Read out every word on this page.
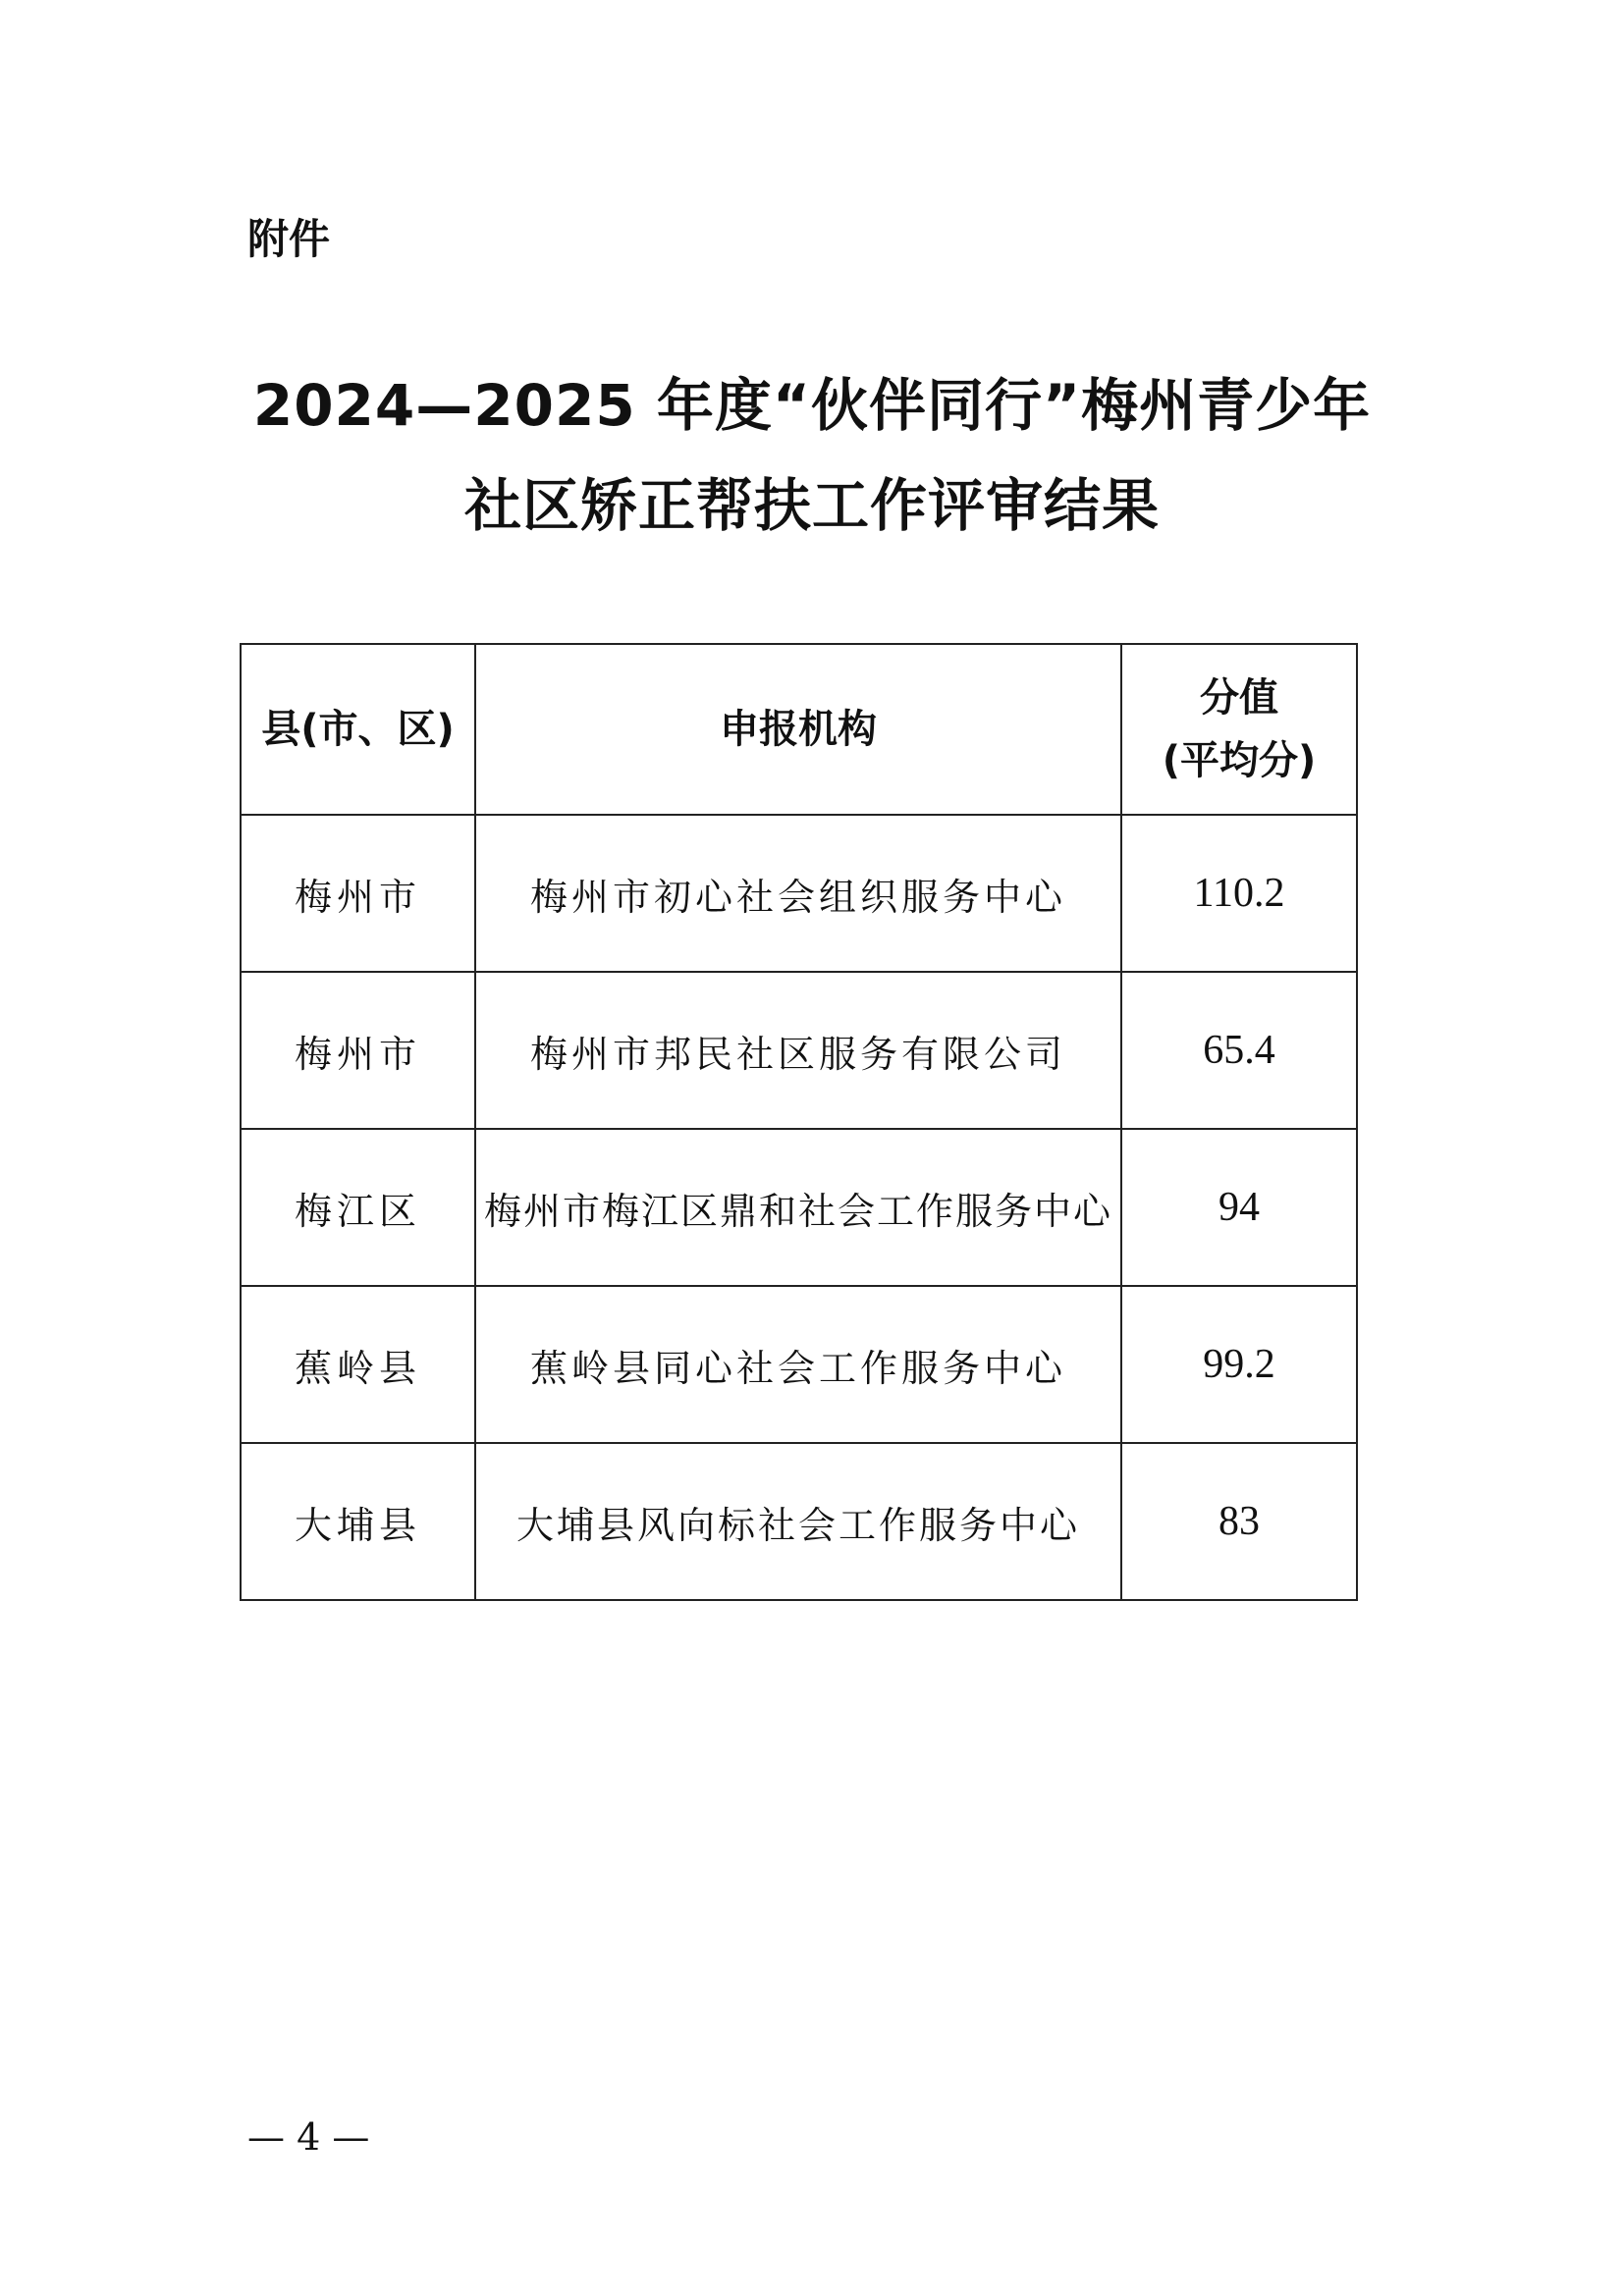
附件
2024—2025 年度“伙伴同行”梅州青少年
社区矫正帮扶工作评审结果
县(市、区)	申报机构	分值
(平均分)

梅州市	梅州市初心社会组织服务中心	110.2
梅州市	梅州市邦民社区服务有限公司	65.4
梅江区	梅州市梅江区鼎和社会工作服务中心	94
蕉岭县	蕉岭县同心社会工作服务中心	99.2
大埔县	大埔县风向标社会工作服务中心	83
— 4 —
